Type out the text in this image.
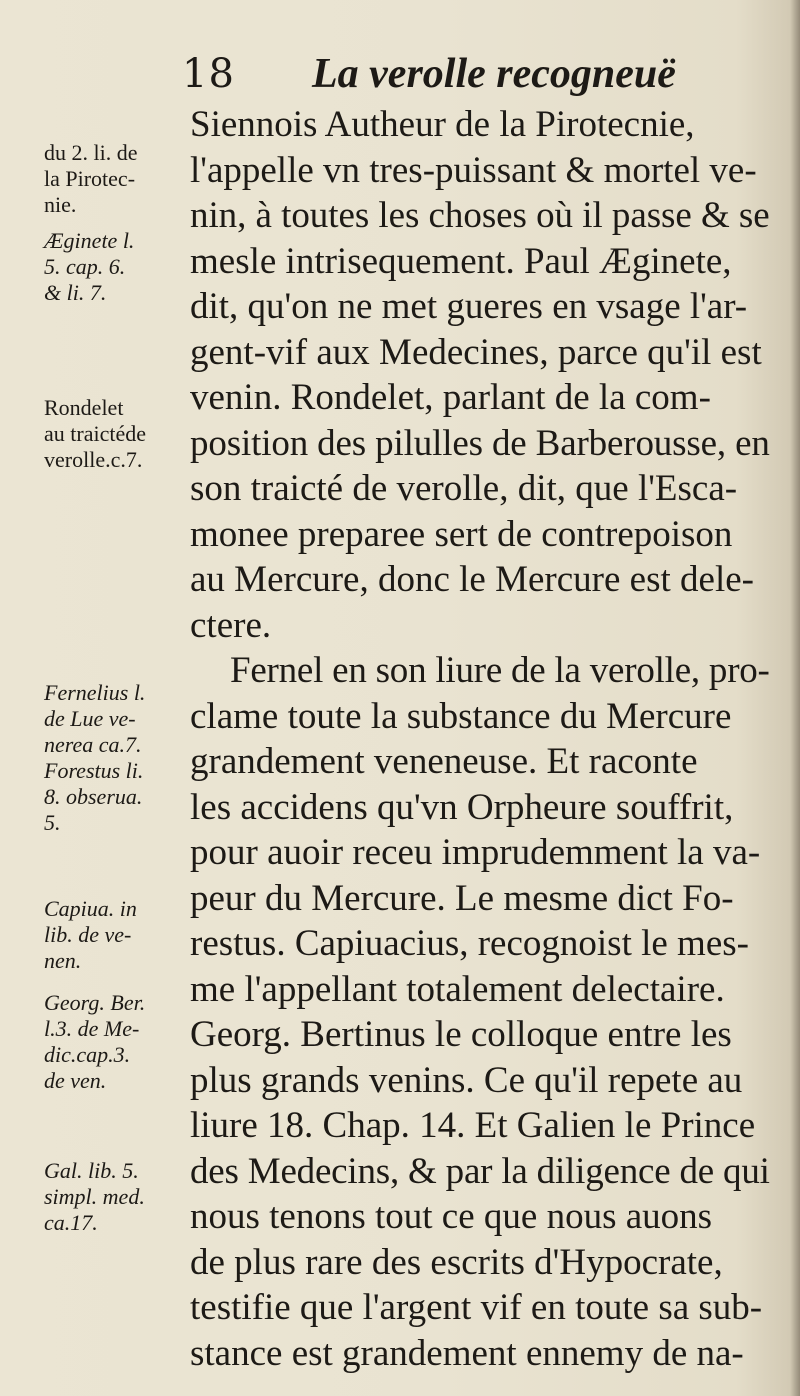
18 La verolle recogneuë
du 2. li. de
la Pirotec-
nie.
Æginete l.
5. cap. 6.
& li. 7.
Rondelet
au traictéde
verolle.c.7.
Fernelius l.
de Lue ve-
nerea ca.7.
Forestus li.
8. obserua.
5.
Capiua. in
lib. de ve-
nen.
Georg. Ber.
l.3. de Me-
dic.cap.3.
de ven.
Gal. lib. 5.
simpl. med.
ca.17.
Siennois Autheur de la Pirotecnie,
l'appelle vn tres-puissant & mortel ve-
nin, à toutes les choses où il passe & se
mesle intrisequement. Paul Æginete,
dit, qu'on ne met gueres en vsage l'ar-
gent-vif aux Medecines, parce qu'il est
venin. Rondelet, parlant de la com-
position des pilulles de Barberousse, en
son traicté de verolle, dit, que l'Esca-
monee preparee sert de contrepoison
au Mercure, donc le Mercure est dele-
ctere.
Fernel en son liure de la verolle, pro-
clame toute la substance du Mercure
grandement veneneuse. Et raconte
les accidens qu'vn Orpheure souffrit,
pour auoir receu imprudemment la va-
peur du Mercure. Le mesme dict Fo-
restus. Capiuacius, recognoist le mes-
me l'appellant totalement delectaire.
Georg. Bertinus le colloque entre les
plus grands venins. Ce qu'il repete au
liure 18. Chap. 14. Et Galien le Prince
des Medecins, & par la diligence de qui
nous tenons tout ce que nous auons
de plus rare des escrits d'Hypocrate,
testifie que l'argent vif en toute sa sub-
stance est grandement ennemy de na-
